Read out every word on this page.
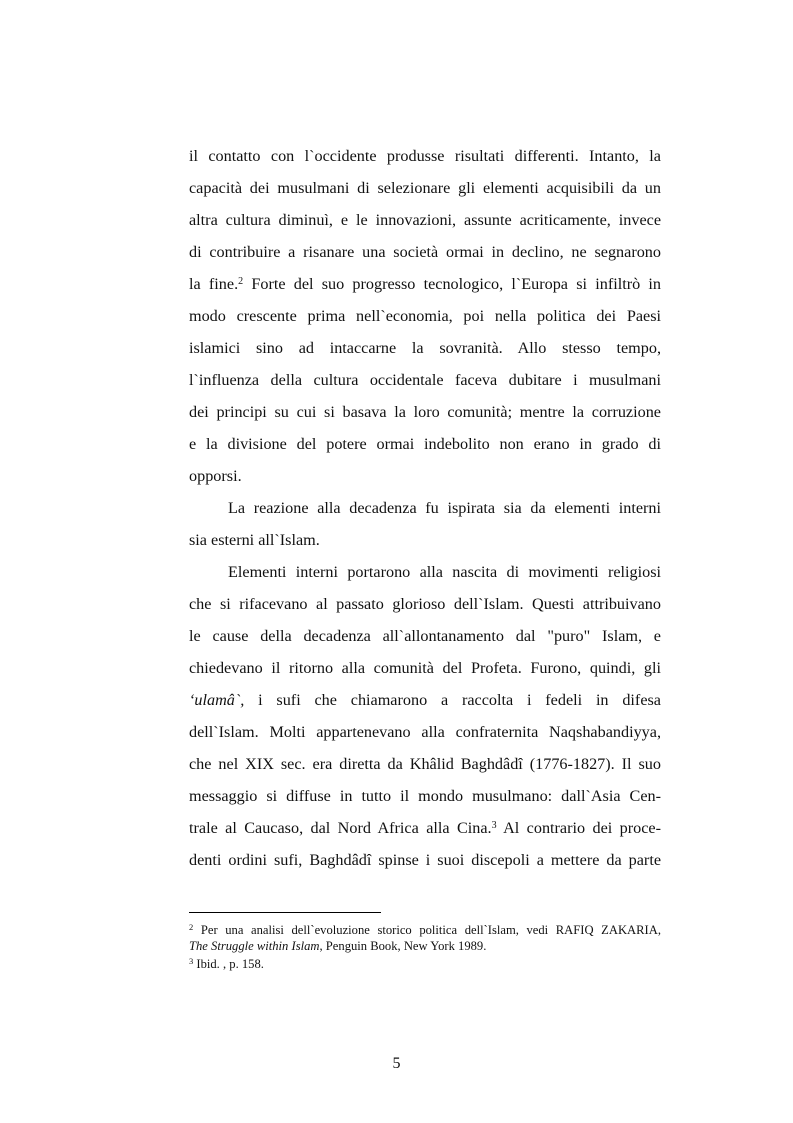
il contatto con l`occidente produsse risultati differenti. Intanto, la
capacità dei musulmani di selezionare gli elementi acquisibili da un
altra cultura diminuì, e le innovazioni, assunte acriticamente, invece
di contribuire a risanare una società ormai in declino, ne segnarono
la fine.$^2$ Forte del suo progresso tecnologico, l`Europa si infiltrò in
modo crescente prima nell`economia, poi nella politica dei Paesi
islamici sino ad intaccarne la sovranità. Allo stesso tempo,
l`influenza della cultura occidentale faceva dubitare i musulmani
dei principi su cui si basava la loro comunità; mentre la corruzione
e la divisione del potere ormai indebolito non erano in grado di
opporsi.
La reazione alla decadenza fu ispirata sia da elementi interni
sia esterni all`Islam.
Elementi interni portarono alla nascita di movimenti religiosi
che si rifacevano al passato glorioso dell`Islam. Questi attribuivano
le cause della decadenza all`allontanamento dal "puro" Islam, e
chiedevano il ritorno alla comunità del Profeta. Furono, quindi, gli
‘ulamâ`, i sufi che chiamarono a raccolta i fedeli in difesa
dell`Islam. Molti appartenevano alla confraternita Naqshabandiyya,
che nel XIX sec. era diretta da Khâlid Baghdâdî (1776-1827). Il suo
messaggio si diffuse in tutto il mondo musulmano: dall`Asia Cen-
trale al Caucaso, dal Nord Africa alla Cina.$^3$ Al contrario dei proce-
denti ordini sufi, Baghdâdî spinse i suoi discepoli a mettere da parte
$^2$ Per una analisi dell`evoluzione storico politica dell`Islam, vedi RAFIQ ZAKARIA,
The Struggle within Islam, Penguin Book, New York 1989.
$^3$ Ibid. , p. 158.
5
